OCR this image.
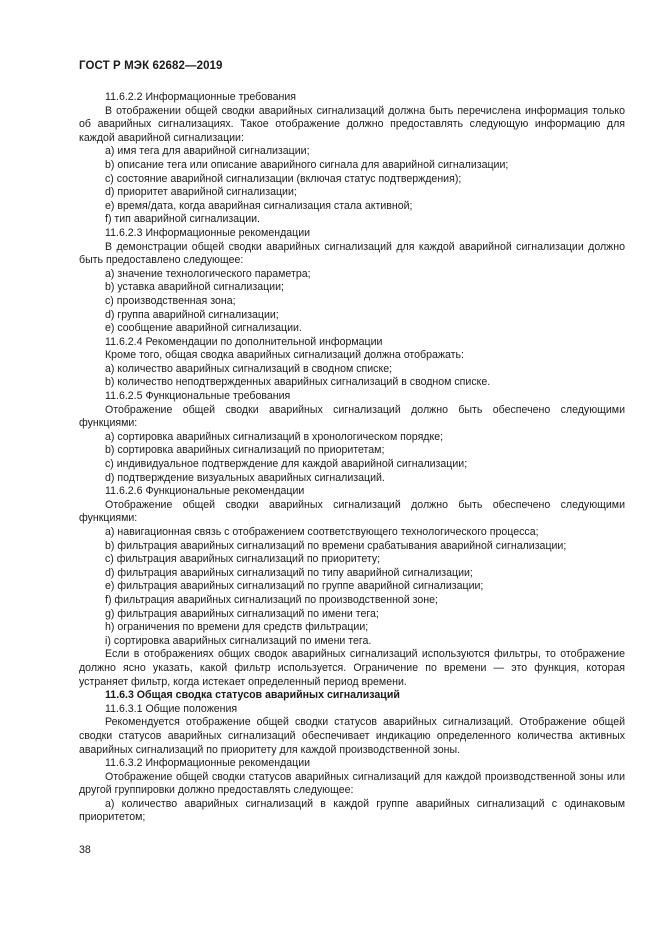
ГОСТ Р МЭК 62682—2019

11.6.2.2 Информационные требования

В отображении общей сводки аварийных сигнализаций должна быть перечислена информация только об аварийных сигнализациях. Такое отображение должно предоставлять следующую информацию для каждой аварийной сигнализации:

а) имя тега для аварийной сигнализации;

b) описание тега или описание аварийного сигнала для аварийной сигнализации;

с) состояние аварийной сигнализации (включая статус подтверждения);

d) приоритет аварийной сигнализации;

е) время/дата, когда аварийная сигнализация стала активной;

f) тип аварийной сигнализации.

11.6.2.3 Информационные рекомендации

В демонстрации общей сводки аварийных сигнализаций для каждой аварийной сигнализации должно быть предоставлено следующее:

а) значение технологического параметра;

b) уставка аварийной сигнализации;

с) производственная зона;

d) группа аварийной сигнализации;

е) сообщение аварийной сигнализации.

11.6.2.4 Рекомендации по дополнительной информации

Кроме того, общая сводка аварийных сигнализаций должна отображать:

а) количество аварийных сигнализаций в сводном списке;

b) количество неподтвержденных аварийных сигнализаций в сводном списке.

11.6.2.5 Функциональные требования

Отображение общей сводки аварийных сигнализаций должно быть обеспечено следующими функциями:

а) сортировка аварийных сигнализаций в хронологическом порядке;

b) сортировка аварийных сигнализаций по приоритетам;

с) индивидуальное подтверждение для каждой аварийной сигнализации;

d) подтверждение визуальных аварийных сигнализаций.

11.6.2.6 Функциональные рекомендации

Отображение общей сводки аварийных сигнализаций должно быть обеспечено следующими функциями:

а) навигационная связь с отображением соответствующего технологического процесса;

b) фильтрация аварийных сигнализаций по времени срабатывания аварийной сигнализации;

с) фильтрация аварийных сигнализаций по приоритету;

d) фильтрация аварийных сигнализаций по типу аварийной сигнализации;

е) фильтрация аварийных сигнализаций по группе аварийной сигнализации;

f) фильтрация аварийных сигнализаций по производственной зоне;

g) фильтрация аварийных сигнализаций по имени тега;

h) ограничения по времени для средств фильтрации;

i) сортировка аварийных сигнализаций по имени тега.

Если в отображениях общих сводок аварийных сигнализаций используются фильтры, то отображение должно ясно указать, какой фильтр используется. Ограничение по времени — это функция, которая устраняет фильтр, когда истекает определенный период времени.

11.6.3 Общая сводка статусов аварийных сигнализаций

11.6.3.1 Общие положения

Рекомендуется отображение общей сводки статусов аварийных сигнализаций. Отображение общей сводки статусов аварийных сигнализаций обеспечивает индикацию определенного количества активных аварийных сигнализаций по приоритету для каждой производственной зоны.

11.6.3.2 Информационные рекомендации

Отображение общей сводки статусов аварийных сигнализаций для каждой производственной зоны или другой группировки должно предоставлять следующее:

а) количество аварийных сигнализаций в каждой группе аварийных сигнализаций с одинаковым приоритетом;

38
